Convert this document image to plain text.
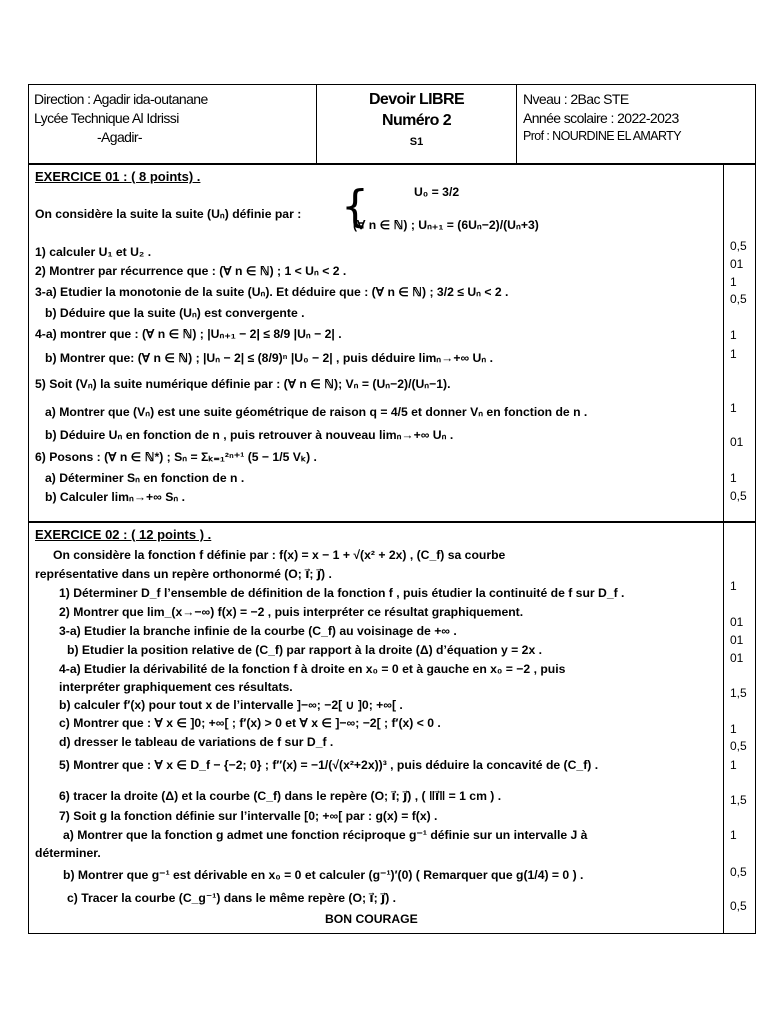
Direction : Agadir ida-outanane
Lycée Technique Al Idrissi
-Agadir-
Devoir LIBRE
Numéro 2
S1
Nveau : 2Bac STE
Année scolaire : 2022-2023
Prof : NOURDINE EL AMARTY
EXERCICE 01 : ( 8 points) .
On considère la suite la suite (Uₙ) définie par : {	U₀ = 3/2
(∀ n ∈ ℕ) ; Uₙ₊₁ = (6Uₙ−2)/(Uₙ+3)
1) calculer U₁ et U₂ .
2) Montrer par récurrence que : (∀ n ∈ ℕ) ; 1 < Uₙ < 2 .
3-a) Etudier la monotonie de la suite (Uₙ). Et déduire que : (∀ n ∈ ℕ) ; 3/2 ≤ Uₙ < 2 .
b) Déduire que la suite (Uₙ) est convergente .
4-a) montrer que : (∀ n ∈ ℕ) ; |Uₙ₊₁ − 2| ≤ 8/9 |Uₙ − 2| .
b) Montrer que: (∀ n ∈ ℕ) ; |Uₙ − 2| ≤ (8/9)ⁿ |U₀ − 2| , puis déduire limₙ→+∞ Uₙ .
5) Soit (Vₙ) la suite numérique définie par : (∀ n ∈ ℕ); Vₙ = (Uₙ−2)/(Uₙ−1).
a) Montrer que (Vₙ) est une suite géométrique de raison q = 4/5 et donner Vₙ en fonction de n .
b) Déduire Uₙ en fonction de n , puis retrouver à nouveau limₙ→+∞ Uₙ .
6) Posons : (∀ n ∈ ℕ*) ; Sₙ = Σₖ₌₁²ⁿ⁺¹ (5 − 1/5 Vₖ) .
a) Déterminer Sₙ en fonction de n .
b) Calculer limₙ→+∞ Sₙ .
0,5
01
1
0,5
1
1
1
01
1
0,5
EXERCICE 02 : ( 12 points ) .
On considère la fonction f définie par : f(x) = x − 1 + √(x² + 2x) , (C_f) sa courbe
représentative dans un repère orthonormé (O; i⃗; j⃗) .
1) Déterminer D_f l’ensemble de définition de la fonction f , puis étudier la continuité de f sur D_f .
2) Montrer que lim_(x→−∞) f(x) = −2 , puis interpréter ce résultat graphiquement.
3-a) Etudier la branche infinie de la courbe (C_f) au voisinage de +∞ .
b) Etudier la position relative de (C_f) par rapport à la droite (Δ) d’équation y = 2x .
4-a) Etudier la dérivabilité de la fonction f à droite en x₀ = 0 et à gauche en x₀ = −2 , puis
interpréter graphiquement ces résultats.
b) calculer f′(x) pour tout x de l’intervalle ]−∞; −2[ ∪ ]0; +∞[ .
c) Montrer que : ∀ x ∈ ]0; +∞[ ; f′(x) > 0 et ∀ x ∈ ]−∞; −2[ ; f′(x) < 0 .
d) dresser le tableau de variations de f sur D_f .
5) Montrer que : ∀ x ∈ D_f − {−2; 0} ; f″(x) = −1/(√(x²+2x))³ , puis déduire la concavité de (C_f) .
6) tracer la droite (Δ) et la courbe (C_f) dans le repère (O; i⃗; j⃗) , ( ‖i⃗‖ = 1 cm ) .
7) Soit g la fonction définie sur l’intervalle [0; +∞[ par : g(x) = f(x) .
a) Montrer que la fonction g admet une fonction réciproque g⁻¹ définie sur un intervalle J à
déterminer.
b) Montrer que g⁻¹ est dérivable en x₀ = 0 et calculer (g⁻¹)′(0) ( Remarquer que g(1/4) = 0 ) .
c) Tracer la courbe (C_g⁻¹) dans le même repère (O; i⃗; j⃗) .
BON COURAGE
1
01
01
01
1,5
1
0,5
1
1,5
1
0,5
0,5
